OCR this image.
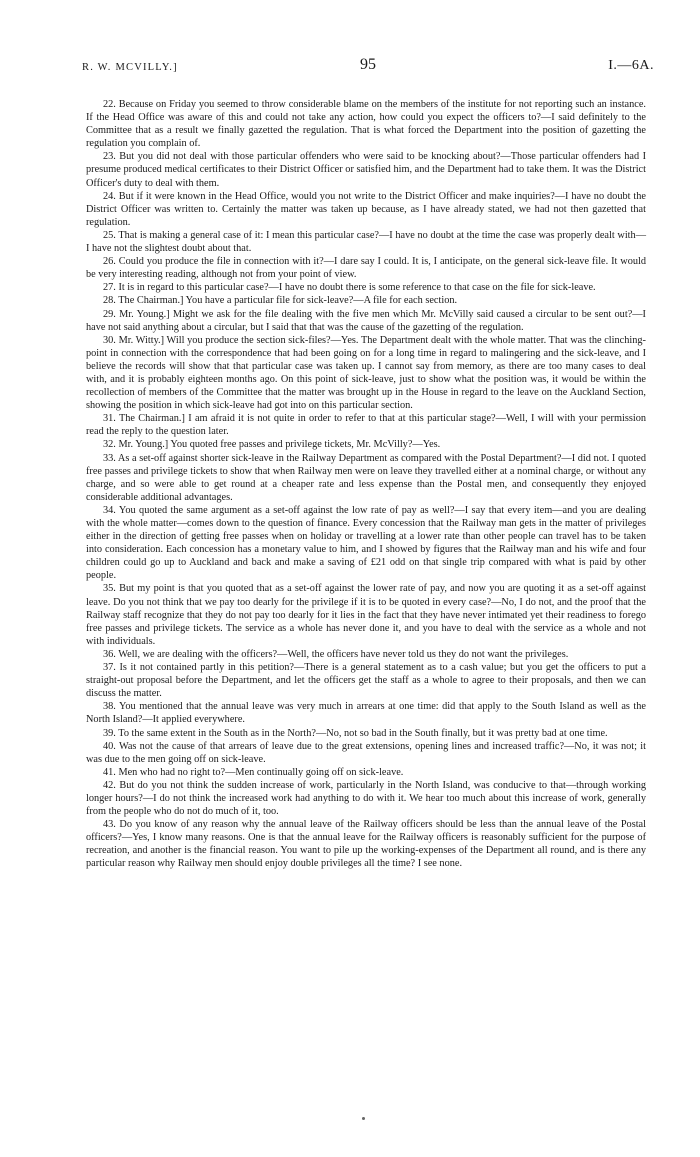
R. W. MCVILLY.]	95	I.—6A.

22. Because on Friday you seemed to throw considerable blame on the members of the institute for not reporting such an instance. If the Head Office was aware of this and could not take any action, how could you expect the officers to?—I said definitely to the Committee that as a result we finally gazetted the regulation. That is what forced the Department into the position of gazetting the regulation you complain of.

23. But you did not deal with those particular offenders who were said to be knocking about?—Those particular offenders had I presume produced medical certificates to their District Officer or satisfied him, and the Department had to take them. It was the District Officer's duty to deal with them.

24. But if it were known in the Head Office, would you not write to the District Officer and make inquiries?—I have no doubt the District Officer was written to. Certainly the matter was taken up because, as I have already stated, we had not then gazetted that regulation.

25. That is making a general case of it: I mean this particular case?—I have no doubt at the time the case was properly dealt with—I have not the slightest doubt about that.

26. Could you produce the file in connection with it?—I dare say I could. It is, I anticipate, on the general sick-leave file. It would be very interesting reading, although not from your point of view.

27. It is in regard to this particular case?—I have no doubt there is some reference to that case on the file for sick-leave.

28. The Chairman.] You have a particular file for sick-leave?—A file for each section.

29. Mr. Young.] Might we ask for the file dealing with the five men which Mr. McVilly said caused a circular to be sent out?—I have not said anything about a circular, but I said that that was the cause of the gazetting of the regulation.

30. Mr. Witty.] Will you produce the section sick-files?—Yes. The Department dealt with the whole matter. That was the clinching-point in connection with the correspondence that had been going on for a long time in regard to malingering and the sick-leave, and I believe the records will show that that particular case was taken up. I cannot say from memory, as there are too many cases to deal with, and it is probably eighteen months ago. On this point of sick-leave, just to show what the position was, it would be within the recollection of members of the Committee that the matter was brought up in the House in regard to the leave on the Auckland Section, showing the position in which sick-leave had got into on this particular section.

31. The Chairman.] I am afraid it is not quite in order to refer to that at this particular stage?—Well, I will with your permission read the reply to the question later.

32. Mr. Young.] You quoted free passes and privilege tickets, Mr. McVilly?—Yes.

33. As a set-off against shorter sick-leave in the Railway Department as compared with the Postal Department?—I did not. I quoted free passes and privilege tickets to show that when Railway men were on leave they travelled either at a nominal charge, or without any charge, and so were able to get round at a cheaper rate and less expense than the Postal men, and consequently they enjoyed considerable additional advantages.

34. You quoted the same argument as a set-off against the low rate of pay as well?—I say that every item—and you are dealing with the whole matter—comes down to the question of finance. Every concession that the Railway man gets in the matter of privileges either in the direction of getting free passes when on holiday or travelling at a lower rate than other people can travel has to be taken into consideration. Each concession has a monetary value to him, and I showed by figures that the Railway man and his wife and four children could go up to Auckland and back and make a saving of £21 odd on that single trip compared with what is paid by other people.

35. But my point is that you quoted that as a set-off against the lower rate of pay, and now you are quoting it as a set-off against leave. Do you not think that we pay too dearly for the privilege if it is to be quoted in every case?—No, I do not, and the proof that the Railway staff recognize that they do not pay too dearly for it lies in the fact that they have never intimated yet their readiness to forego free passes and privilege tickets. The service as a whole has never done it, and you have to deal with the service as a whole and not with individuals.

36. Well, we are dealing with the officers?—Well, the officers have never told us they do not want the privileges.

37. Is it not contained partly in this petition?—There is a general statement as to a cash value; but you get the officers to put a straight-out proposal before the Department, and let the officers get the staff as a whole to agree to their proposals, and then we can discuss the matter.

38. You mentioned that the annual leave was very much in arrears at one time: did that apply to the South Island as well as the North Island?—It applied everywhere.

39. To the same extent in the South as in the North?—No, not so bad in the South finally, but it was pretty bad at one time.

40. Was not the cause of that arrears of leave due to the great extensions, opening lines and increased traffic?—No, it was not; it was due to the men going off on sick-leave.

41. Men who had no right to?—Men continually going off on sick-leave.

42. But do you not think the sudden increase of work, particularly in the North Island, was conducive to that—through working longer hours?—I do not think the increased work had anything to do with it. We hear too much about this increase of work, generally from the people who do not do much of it, too.

43. Do you know of any reason why the annual leave of the Railway officers should be less than the annual leave of the Postal officers?—Yes, I know many reasons. One is that the annual leave for the Railway officers is reasonably sufficient for the purpose of recreation, and another is the financial reason. You want to pile up the working-expenses of the Department all round, and is there any particular reason why Railway men should enjoy double privileges all the time? I see none.
